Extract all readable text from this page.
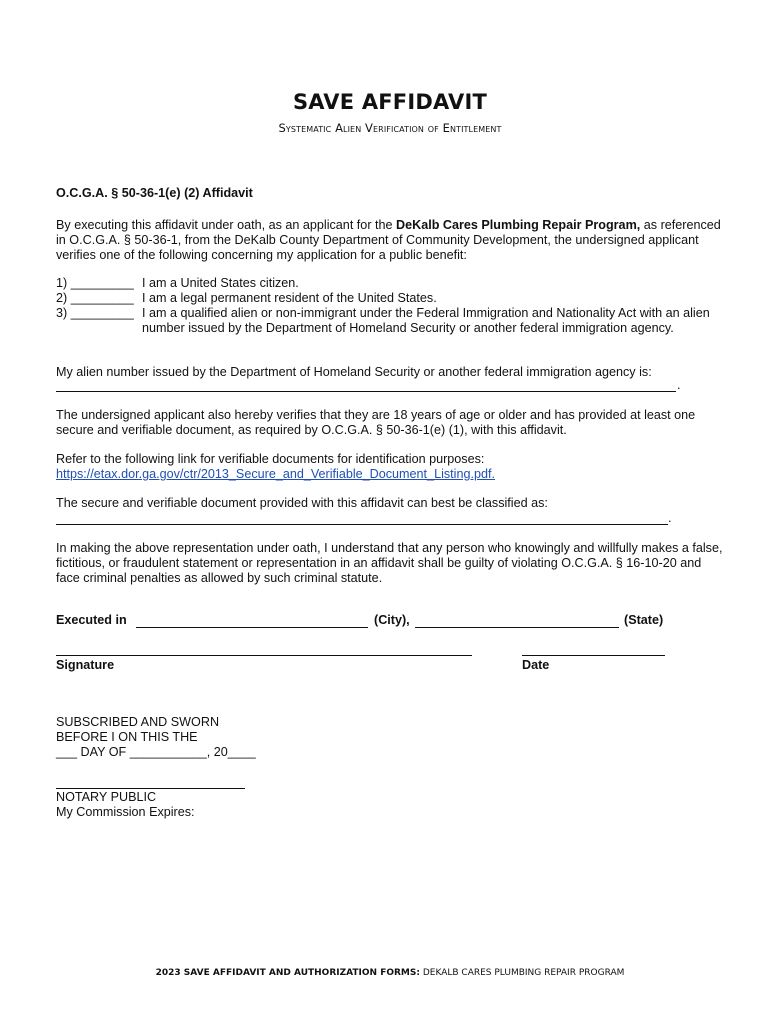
SAVE AFFIDAVIT
Systematic Alien Verification of Entitlement
O.C.G.A. § 50-36-1(e) (2) Affidavit
By executing this affidavit under oath, as an applicant for the DeKalb Cares Plumbing Repair Program, as referenced in O.C.G.A. § 50-36-1, from the DeKalb County Department of Community Development, the undersigned applicant verifies one of the following concerning my application for a public benefit:
1) _________ I am a United States citizen.
2) _________ I am a legal permanent resident of the United States.
3) _________ I am a qualified alien or non-immigrant under the Federal Immigration and Nationality Act with an alien number issued by the Department of Homeland Security or another federal immigration agency.
My alien number issued by the Department of Homeland Security or another federal immigration agency is:
.
The undersigned applicant also hereby verifies that they are 18 years of age or older and has provided at least one secure and verifiable document, as required by O.C.G.A. § 50-36-1(e) (1), with this affidavit.
Refer to the following link for verifiable documents for identification purposes:
https://etax.dor.ga.gov/ctr/2013_Secure_and_Verifiable_Document_Listing.pdf.
The secure and verifiable document provided with this affidavit can best be classified as:
.
In making the above representation under oath, I understand that any person who knowingly and willfully makes a false, fictitious, or fraudulent statement or representation in an affidavit shall be guilty of violating O.C.G.A. § 16-10-20 and face criminal penalties as allowed by such criminal statute.
Executed in	(City),	(State)
Signature	Date
SUBSCRIBED AND SWORN
BEFORE I ON THIS THE
___ DAY OF ___________, 20____
NOTARY PUBLIC
My Commission Expires:
2023 SAVE AFFIDAVIT AND AUTHORIZATION FORMS: DEKALB CARES PLUMBING REPAIR PROGRAM
